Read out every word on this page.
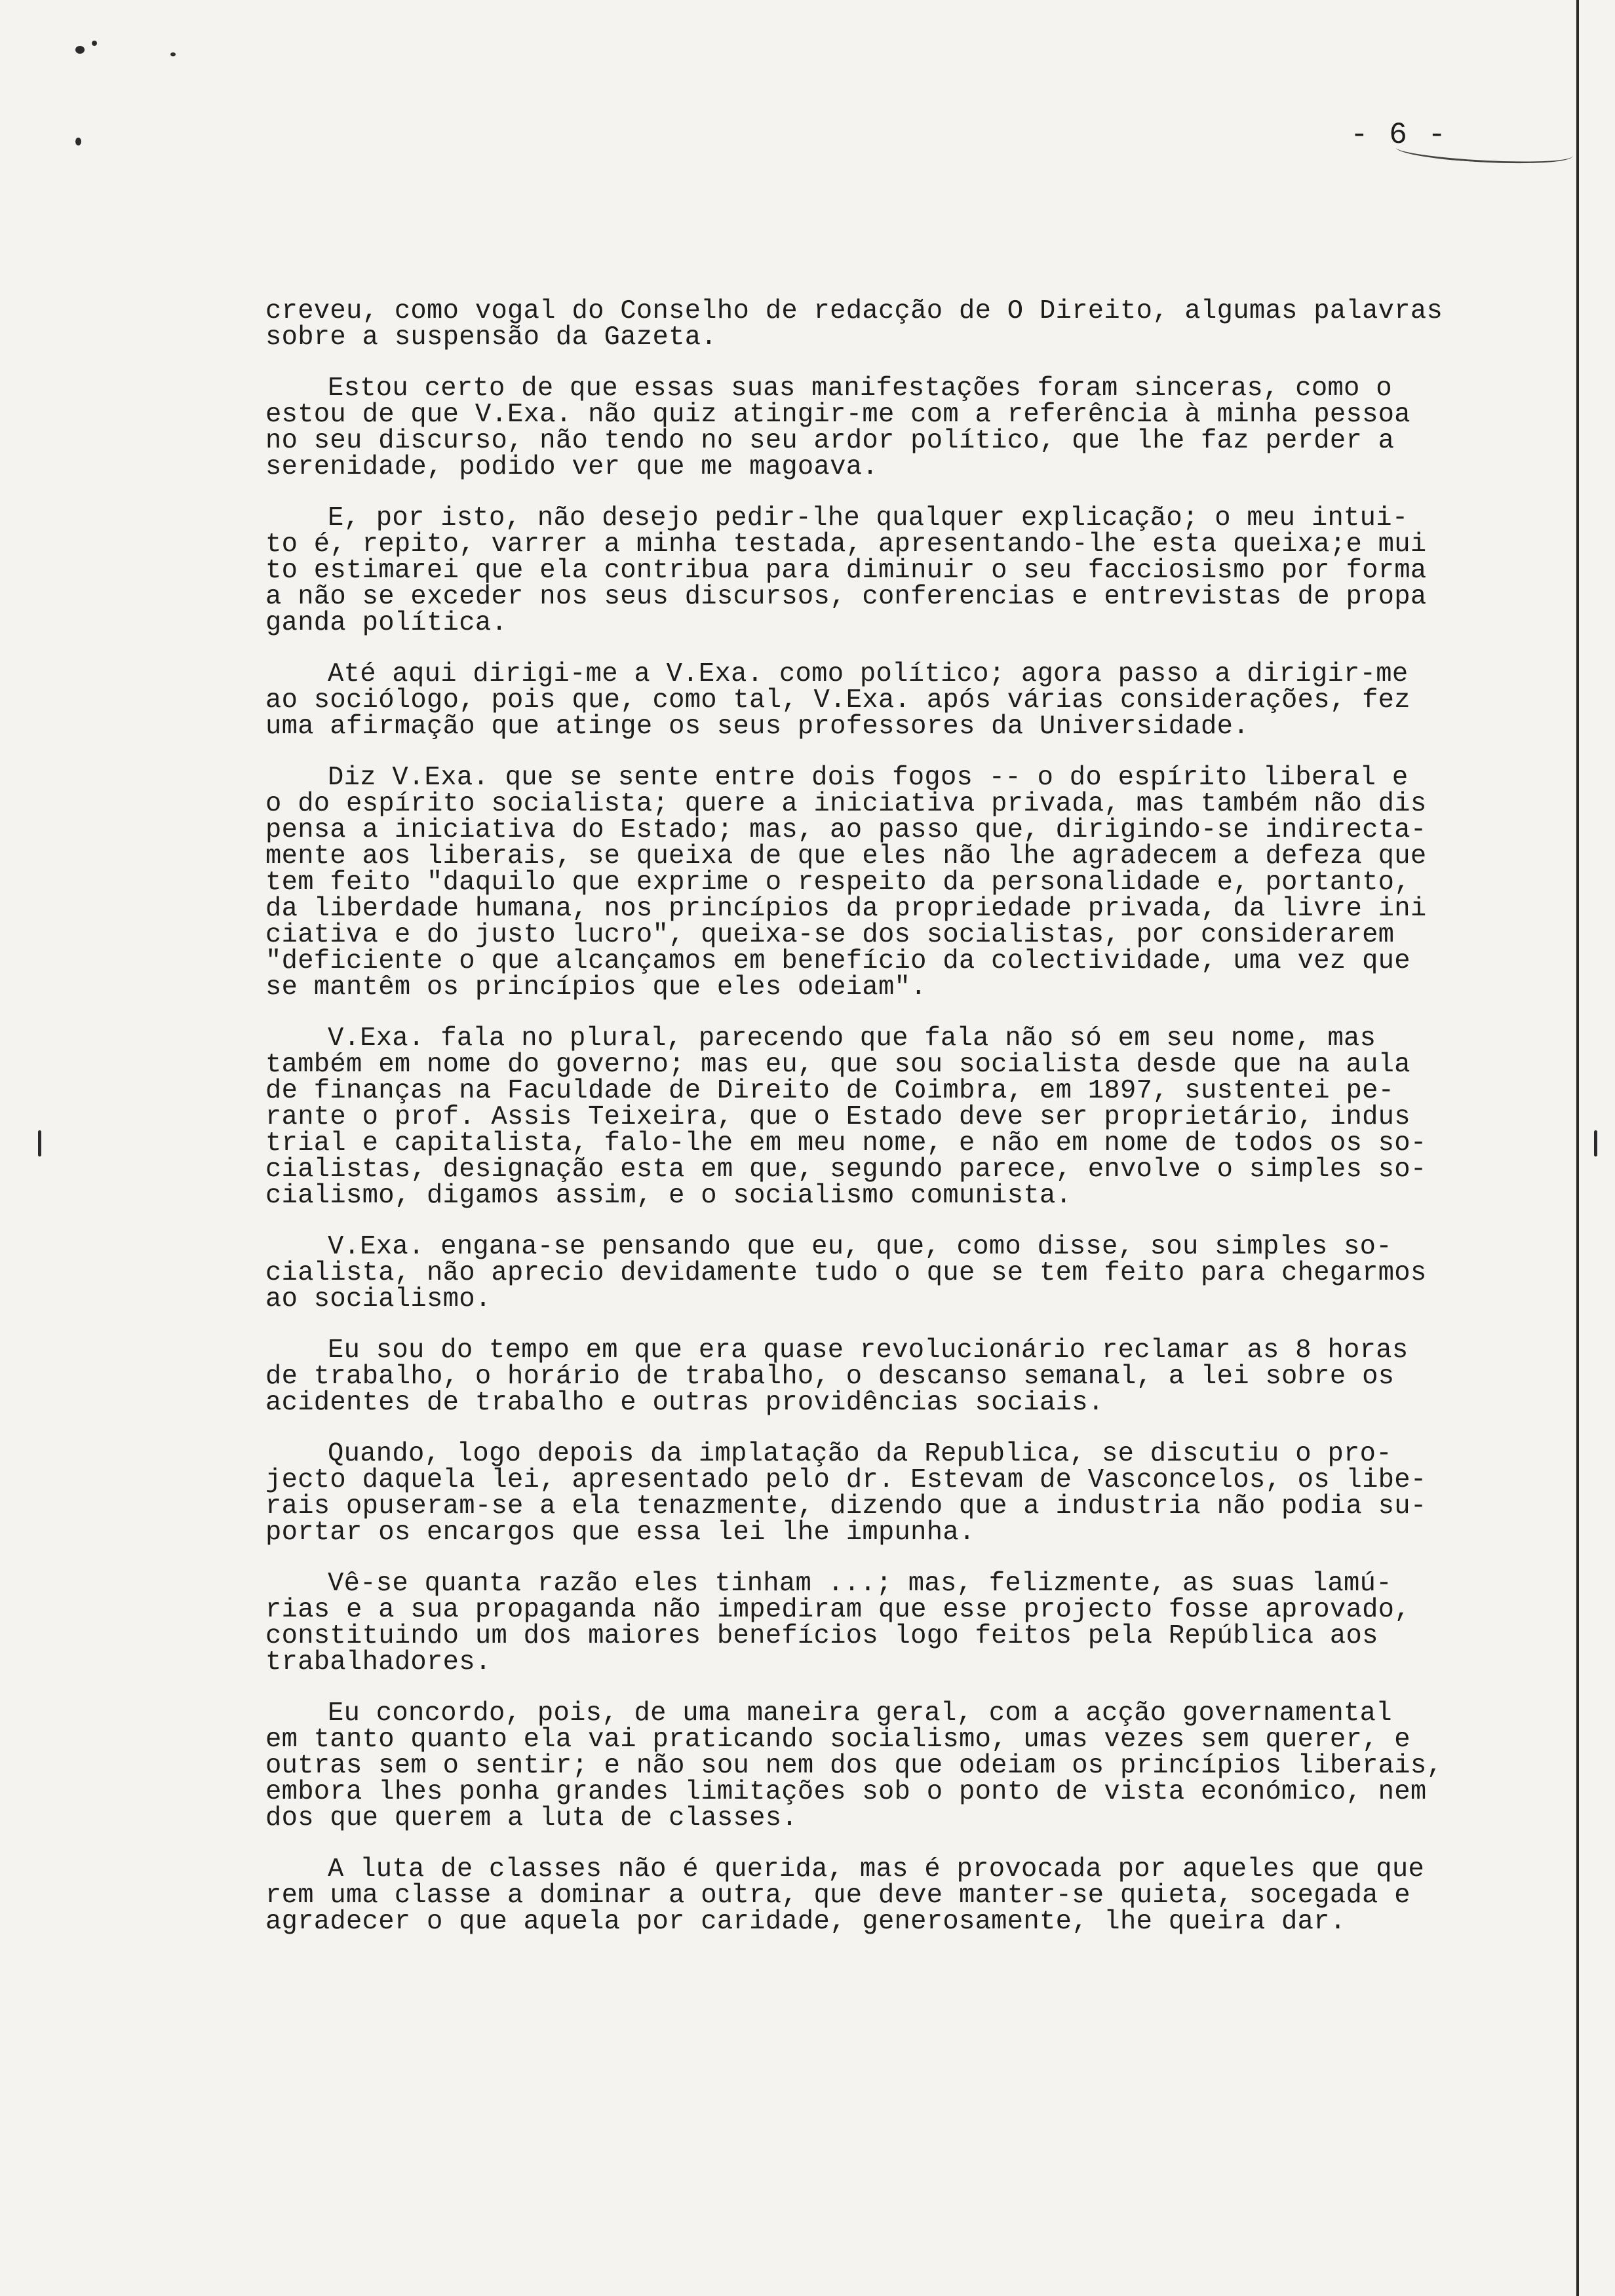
- 6 -
creveu, como vogal do Conselho de redacção de O Direito, algumas palavras
sobre a suspensão da Gazeta.
Estou certo de que essas suas manifestações foram sinceras, como o
estou de que V.Exa. não quiz atingir-me com a referência à minha pessoa
no seu discurso, não tendo no seu ardor político, que lhe faz perder a
serenidade, podido ver que me magoava.
E, por isto, não desejo pedir-lhe qualquer explicação; o meu intui-
to é, repito, varrer a minha testada, apresentando-lhe esta queixa;e mui
to estimarei que ela contribua para diminuir o seu facciosismo por forma
a não se exceder nos seus discursos, conferencias e entrevistas de propa
ganda política.
Até aqui dirigi-me a V.Exa. como político; agora passo a dirigir-me
ao sociólogo, pois que, como tal, V.Exa. após várias considerações, fez
uma afirmação que atinge os seus professores da Universidade.
Diz V.Exa. que se sente entre dois fogos -- o do espírito liberal e
o do espírito socialista; quere a iniciativa privada, mas também não dis
pensa a iniciativa do Estado; mas, ao passo que, dirigindo-se indirecta-
mente aos liberais, se queixa de que eles não lhe agradecem a defeza que
tem feito "daquilo que exprime o respeito da personalidade e, portanto,
da liberdade humana, nos princípios da propriedade privada, da livre ini
ciativa e do justo lucro", queixa-se dos socialistas, por considerarem
"deficiente o que alcançamos em benefício da colectividade, uma vez que
se mantêm os princípios que eles odeiam".
V.Exa. fala no plural, parecendo que fala não só em seu nome, mas
também em nome do governo; mas eu, que sou socialista desde que na aula
de finanças na Faculdade de Direito de Coimbra, em 1897, sustentei pe-
rante o prof. Assis Teixeira, que o Estado deve ser proprietário, indus
trial e capitalista, falo-lhe em meu nome, e não em nome de todos os so-
cialistas, designação esta em que, segundo parece, envolve o simples so-
cialismo, digamos assim, e o socialismo comunista.
V.Exa. engana-se pensando que eu, que, como disse, sou simples so-
cialista, não aprecio devidamente tudo o que se tem feito para chegarmos
ao socialismo.
Eu sou do tempo em que era quase revolucionário reclamar as 8 horas
de trabalho, o horário de trabalho, o descanso semanal, a lei sobre os
acidentes de trabalho e outras providências sociais.
Quando, logo depois da implatação da Republica, se discutiu o pro-
jecto daquela lei, apresentado pelo dr. Estevam de Vasconcelos, os libe-
rais opuseram-se a ela tenazmente, dizendo que a industria não podia su-
portar os encargos que essa lei lhe impunha.
Vê-se quanta razão eles tinham ...; mas, felizmente, as suas lamú-
rias e a sua propaganda não impediram que esse projecto fosse aprovado,
constituindo um dos maiores benefícios logo feitos pela República aos
trabalhadores.
Eu concordo, pois, de uma maneira geral, com a acção governamental
em tanto quanto ela vai praticando socialismo, umas vezes sem querer, e
outras sem o sentir; e não sou nem dos que odeiam os princípios liberais,
embora lhes ponha grandes limitações sob o ponto de vista económico, nem
dos que querem a luta de classes.
A luta de classes não é querida, mas é provocada por aqueles que que
rem uma classe a dominar a outra, que deve manter-se quieta, socegada e
agradecer o que aquela por caridade, generosamente, lhe queira dar.
